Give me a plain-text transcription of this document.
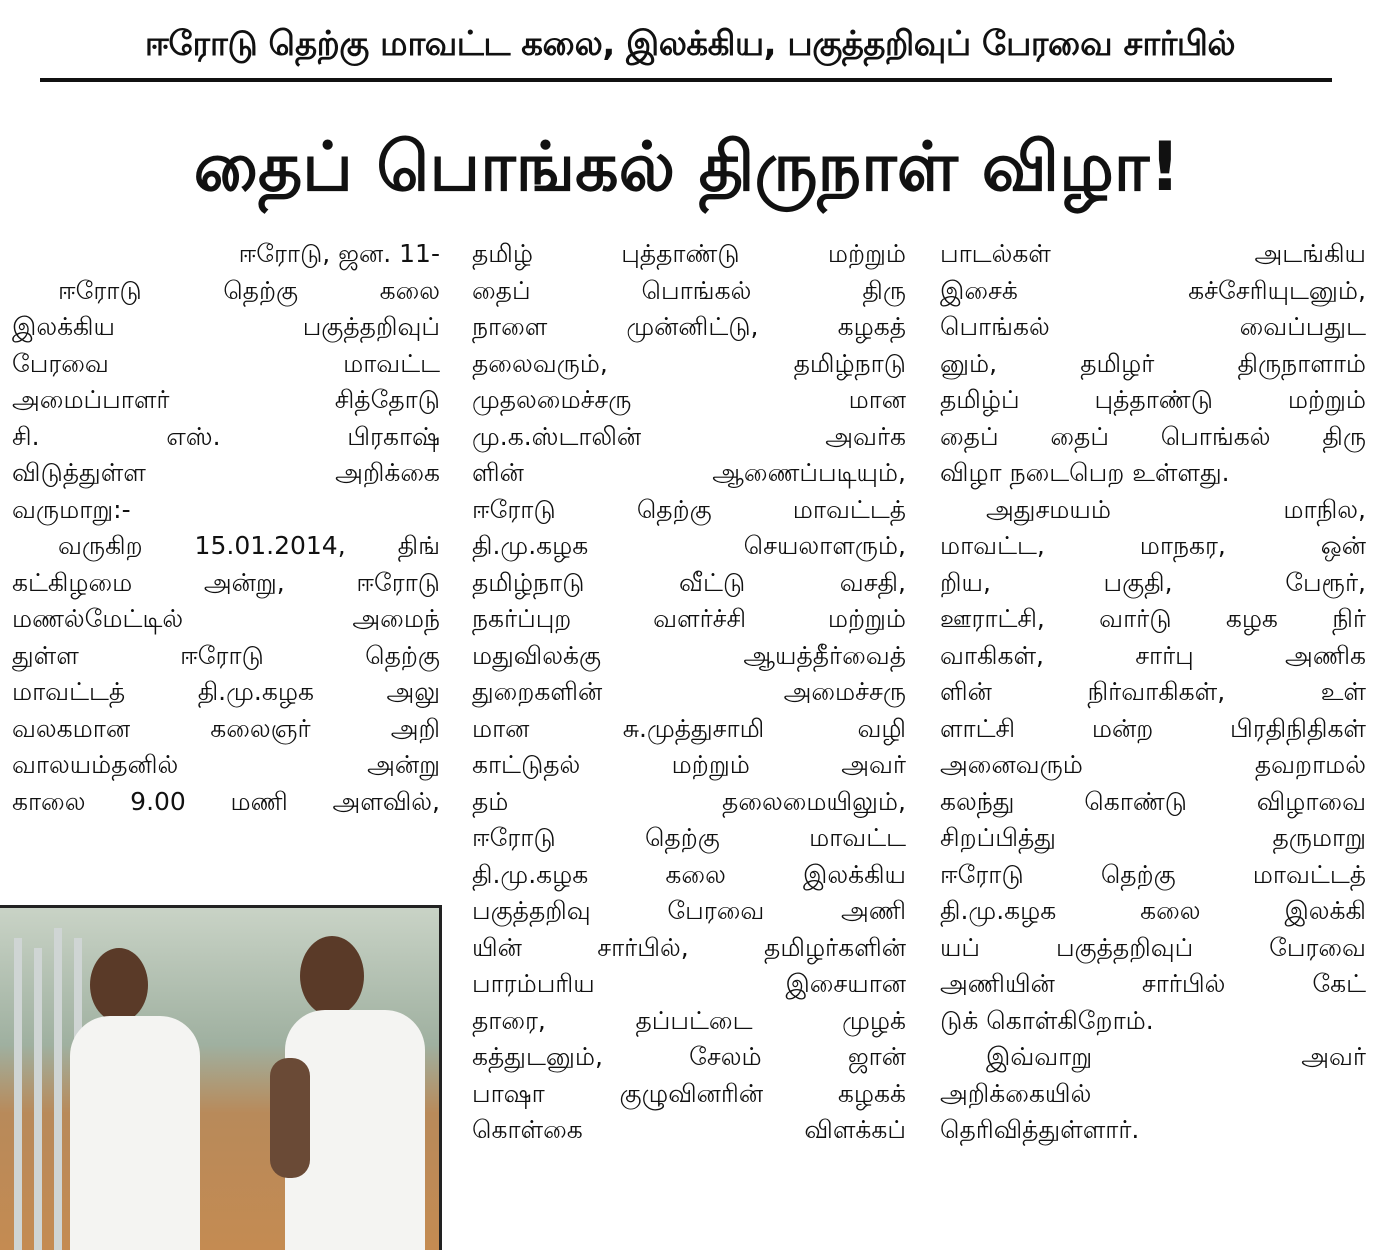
ஈரோடு தெற்கு மாவட்ட கலை, இலக்கிய, பகுத்தறிவுப் பேரவை சார்பில்
தைப் பொங்கல் திருநாள் விழா!
ஈரோடு, ஜன. 11-
ஈரோடு தெற்கு கலை
இலக்கிய பகுத்தறிவுப்
பேரவை மாவட்ட
அமைப்பாளர் சித்தோடு
சி. எஸ். பிரகாஷ்
விடுத்துள்ள அறிக்கை
வருமாறு:-
வருகிற 15.01.2014, திங்
கட்கிழமை அன்று, ஈரோடு
மணல்மேட்டில் அமைந்
துள்ள ஈரோடு தெற்கு
மாவட்டத் தி.மு.கழக அலு
வலகமான கலைஞர் அறி
வாலயம்தனில் அன்று
காலை 9.00 மணி அளவில்,
தமிழ் புத்தாண்டு மற்றும்
தைப் பொங்கல் திரு
நாளை முன்னிட்டு, கழகத்
தலைவரும், தமிழ்நாடு
முதலமைச்சரு மான
மு.க.ஸ்டாலின் அவர்க
ளின் ஆணைப்படியும்,
ஈரோடு தெற்கு மாவட்டத்
தி.மு.கழக செயலாளரும்,
தமிழ்நாடு வீட்டு வசதி,
நகர்ப்புற வளர்ச்சி மற்றும்
மதுவிலக்கு ஆயத்தீர்வைத்
துறைகளின் அமைச்சரு
மான சு.முத்துசாமி வழி
காட்டுதல் மற்றும் அவர்
தம் தலைமையிலும்,
ஈரோடு தெற்கு மாவட்ட
தி.மு.கழக கலை இலக்கிய
பகுத்தறிவு பேரவை அணி
யின் சார்பில், தமிழர்களின்
பாரம்பரிய இசையான
தாரை, தப்பட்டை முழக்
கத்துடனும், சேலம் ஜான்
பாஷா குழுவினரின் கழகக்
கொள்கை விளக்கப்
பாடல்கள் அடங்கிய
இசைக் கச்சேரியுடனும்,
பொங்கல் வைப்பதுட
னும், தமிழர் திருநாளாம்
தமிழ்ப் புத்தாண்டு மற்றும்
தைப் தைப் பொங்கல் திரு
விழா நடைபெற உள்ளது.
அதுசமயம் மாநில,
மாவட்ட, மாநகர, ஒன்
றிய, பகுதி, பேரூர்,
ஊராட்சி, வார்டு கழக நிர்
வாகிகள், சார்பு அணிக
ளின் நிர்வாகிகள், உள்
ளாட்சி மன்ற பிரதிநிதிகள்
அனைவரும் தவறாமல்
கலந்து கொண்டு விழாவை
சிறப்பித்து தருமாறு
ஈரோடு தெற்கு மாவட்டத்
தி.மு.கழக கலை இலக்கி
யப் பகுத்தறிவுப் பேரவை
அணியின் சார்பில் கேட்
டுக் கொள்கிறோம்.
இவ்வாறு அவர்
அறிக்கையில்
தெரிவித்துள்ளார்.
